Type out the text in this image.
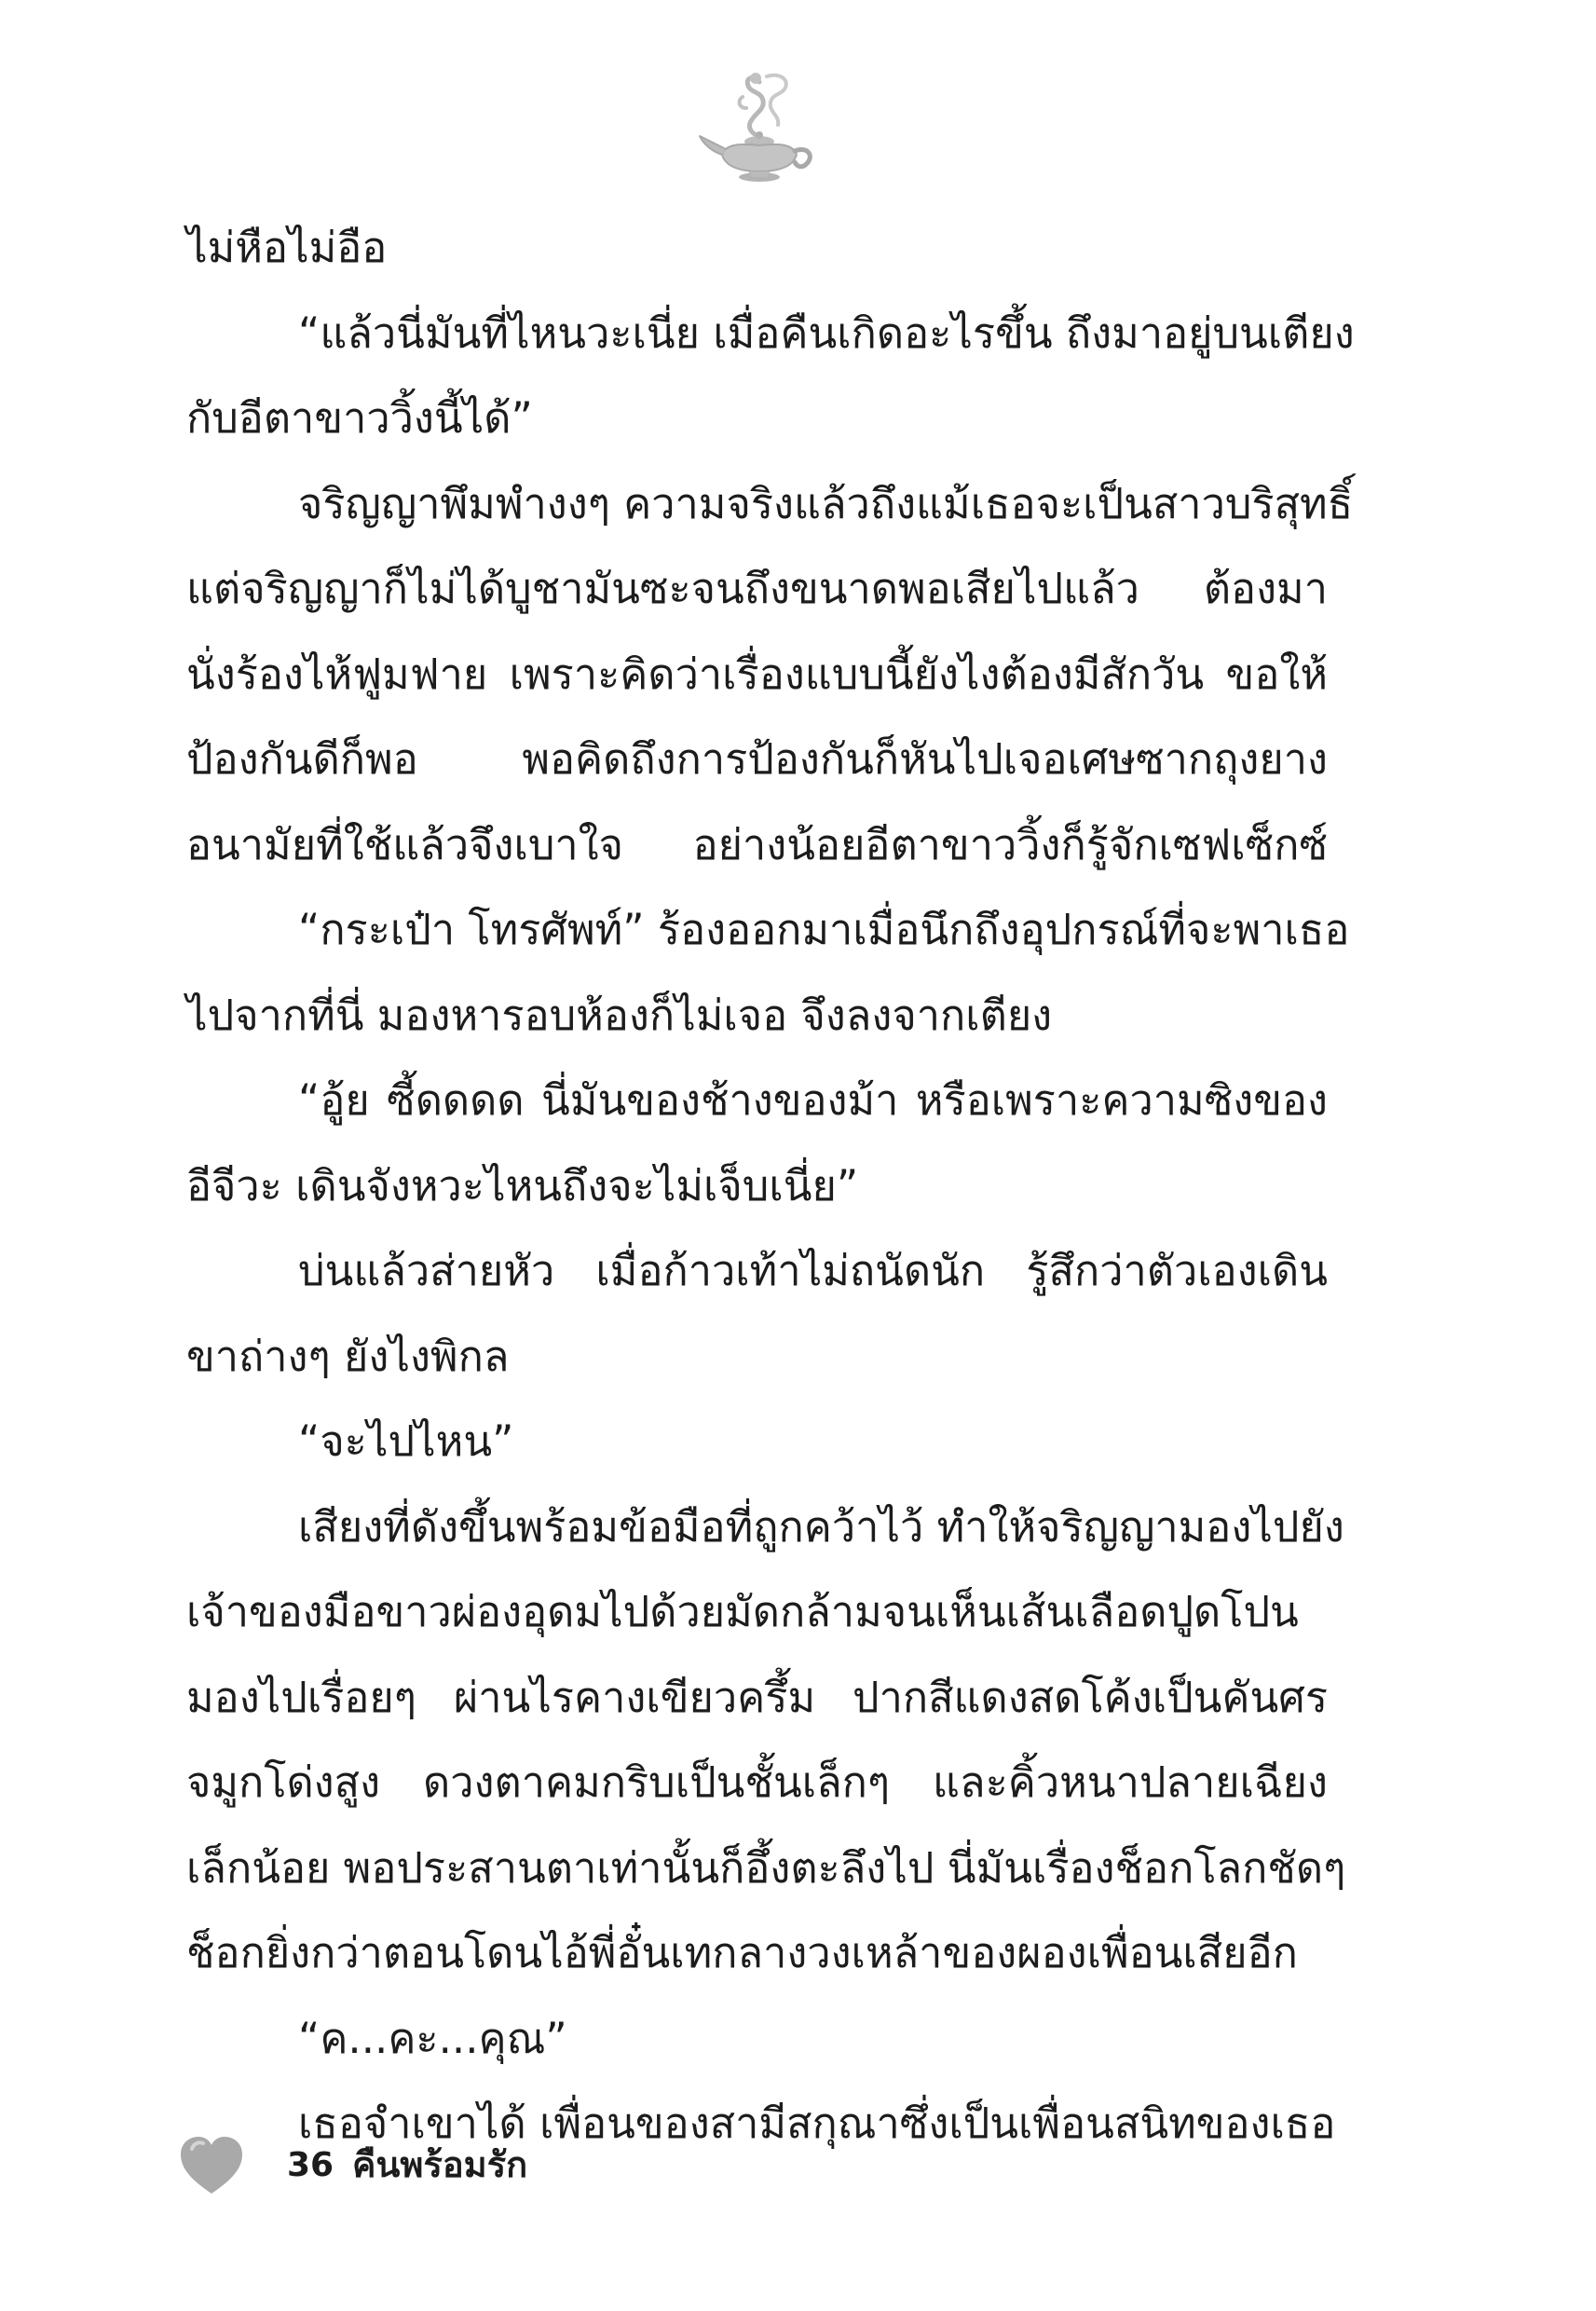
ไม่หือไม่อือ
“แล้วนี่มันที่ไหนวะเนี่ย เมื่อคืนเกิดอะไรขึ้น ถึงมาอยู่บนเตียง
กับอีตาขาววิ้งนี้ได้”
จริญญาพึมพำงงๆ ความจริงแล้วถึงแม้เธอจะเป็นสาวบริสุทธิ์
แต่จริญญาก็ไม่ได้บูชามันซะจนถึงขนาดพอเสียไปแล้ว ต้องมา
นั่งร้องไห้ฟูมฟาย เพราะคิดว่าเรื่องแบบนี้ยังไงต้องมีสักวัน ขอให้
ป้องกันดีก็พอ พอคิดถึงการป้องกันก็หันไปเจอเศษซากถุงยาง
อนามัยที่ใช้แล้วจึงเบาใจ อย่างน้อยอีตาขาววิ้งก็รู้จักเซฟเซ็กซ์
“กระเป๋า โทรศัพท์” ร้องออกมาเมื่อนึกถึงอุปกรณ์ที่จะพาเธอ
ไปจากที่นี่ มองหารอบห้องก็ไม่เจอ จึงลงจากเตียง
“อู้ย ซี้ดดดด นี่มันของช้างของม้า หรือเพราะความซิงของ
อีจีวะ เดินจังหวะไหนถึงจะไม่เจ็บเนี่ย”
บ่นแล้วส่ายหัว เมื่อก้าวเท้าไม่ถนัดนัก รู้สึกว่าตัวเองเดิน
ขาถ่างๆ ยังไงพิกล
“จะไปไหน”
เสียงที่ดังขึ้นพร้อมข้อมือที่ถูกคว้าไว้ ทำให้จริญญามองไปยัง
เจ้าของมือขาวผ่องอุดมไปด้วยมัดกล้ามจนเห็นเส้นเลือดปูดโปน
มองไปเรื่อยๆ ผ่านไรคางเขียวครึ้ม ปากสีแดงสดโค้งเป็นคันศร
จมูกโด่งสูง ดวงตาคมกริบเป็นชั้นเล็กๆ และคิ้วหนาปลายเฉียง
เล็กน้อย พอประสานตาเท่านั้นก็อึ้งตะลึงไป นี่มันเรื่องช็อกโลกชัดๆ
ช็อกยิ่งกว่าตอนโดนไอ้พี่อั๋นเทกลางวงเหล้าของผองเพื่อนเสียอีก
“ค...คะ...คุณ”
เธอจำเขาได้ เพื่อนของสามีสกุณาซึ่งเป็นเพื่อนสนิทของเธอ
36 คืนพร้อมรัก
